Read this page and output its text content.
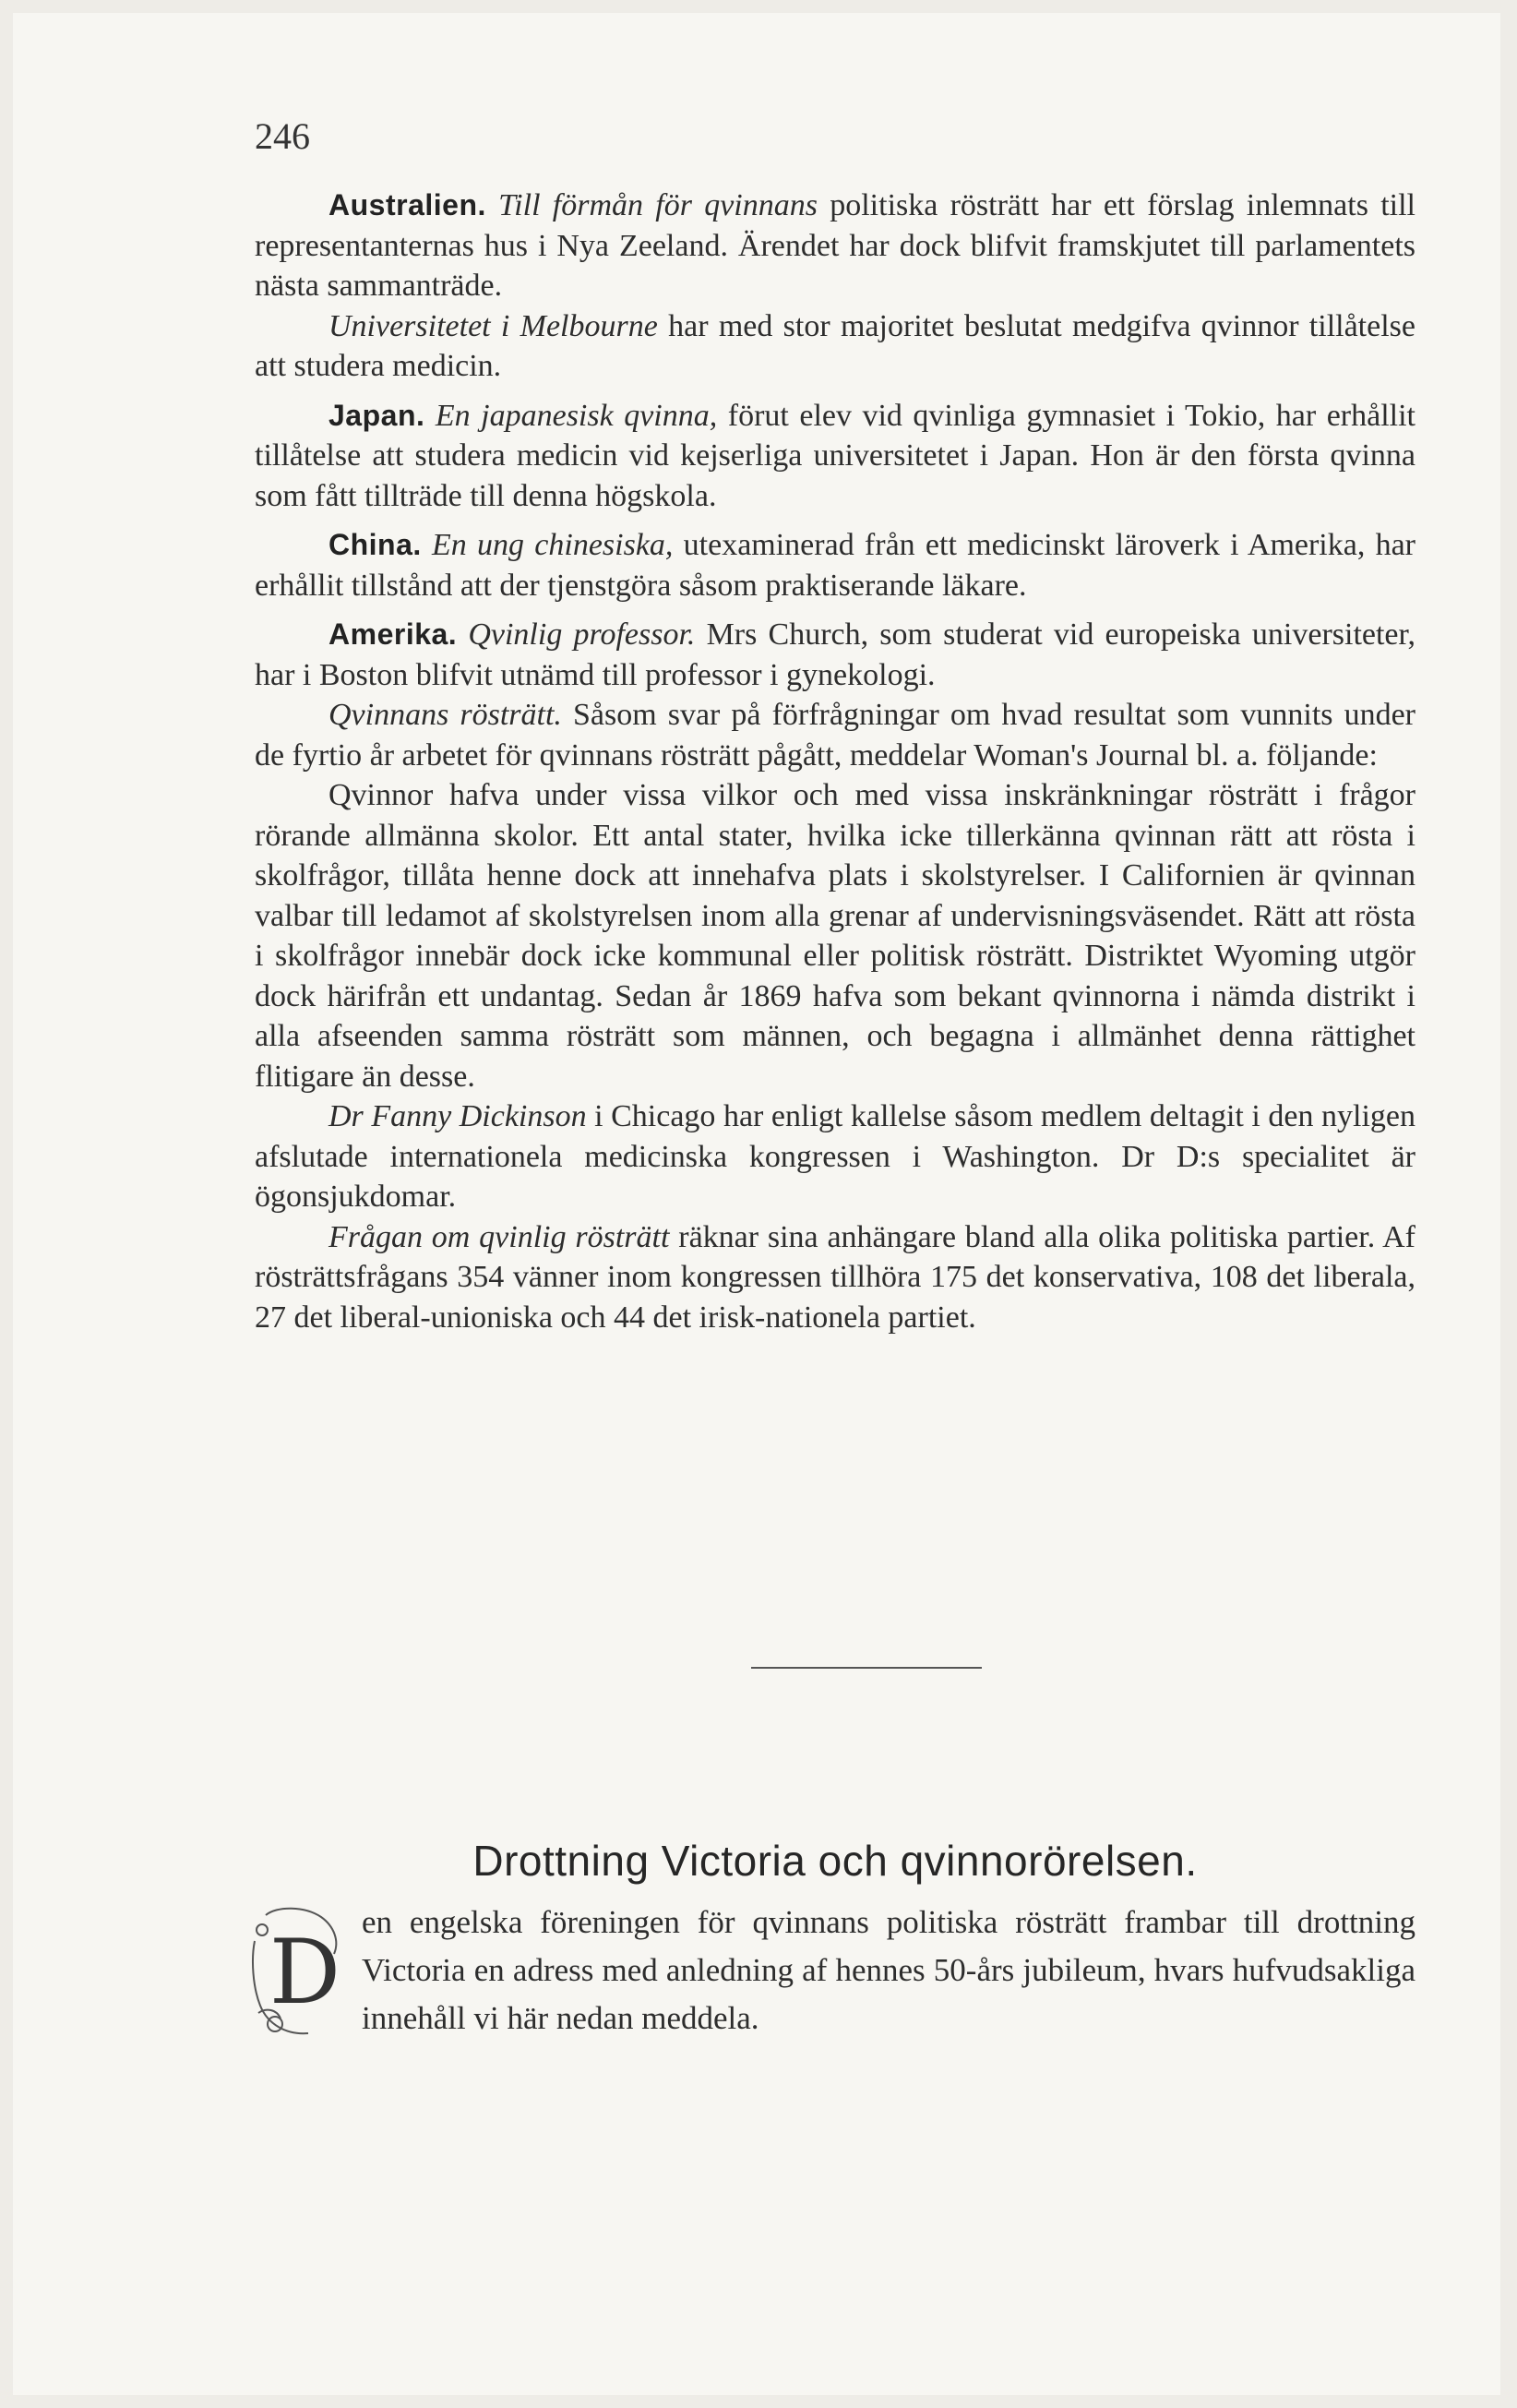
246

Australien. Till förmån för qvinnans politiska rösträtt har ett förslag inlemnats till representanternas hus i Nya Zeeland. Ärendet har dock blifvit framskjutet till parlamentets nästa sammanträde.

Universitetet i Melbourne har med stor majoritet beslutat medgifva qvinnor tillåtelse att studera medicin.

Japan. En japanesisk qvinna, förut elev vid qvinliga gymnasiet i Tokio, har erhållit tillåtelse att studera medicin vid kejserliga universitetet i Japan. Hon är den första qvinna som fått tillträde till denna högskola.

China. En ung chinesiska, utexaminerad från ett medicinskt läroverk i Amerika, har erhållit tillstånd att der tjenstgöra såsom praktiserande läkare.

Amerika. Qvinlig professor. Mrs Church, som studerat vid europeiska universiteter, har i Boston blifvit utnämd till professor i gynekologi.

Qvinnans rösträtt. Såsom svar på förfrågningar om hvad resultat som vunnits under de fyrtio år arbetet för qvinnans rösträtt pågått, meddelar Woman's Journal bl. a. följande:

Qvinnor hafva under vissa vilkor och med vissa inskränkningar rösträtt i frågor rörande allmänna skolor. Ett antal stater, hvilka icke tillerkänna qvinnan rätt att rösta i skolfrågor, tillåta henne dock att innehafva plats i skolstyrelser. I Californien är qvinnan valbar till ledamot af skolstyrelsen inom alla grenar af undervisningsväsendet. Rätt att rösta i skolfrågor innebär dock icke kommunal eller politisk rösträtt. Distriktet Wyoming utgör dock härifrån ett undantag. Sedan år 1869 hafva som bekant qvinnorna i nämda distrikt i alla afseenden samma rösträtt som männen, och begagna i allmänhet denna rättighet flitigare än desse.

Dr Fanny Dickinson i Chicago har enligt kallelse såsom medlem deltagit i den nyligen afslutade internationela medicinska kongressen i Washington. Dr D:s specialitet är ögonsjukdomar.

Frågan om qvinlig rösträtt räknar sina anhängare bland alla olika politiska partier. Af rösträttsfrågans 354 vänner inom kongressen tillhöra 175 det konservativa, 108 det liberala, 27 det liberal-unioniska och 44 det irisk-nationela partiet.

Drottning Victoria och qvinnorörelsen.

D en engelska föreningen för qvinnans politiska rösträtt frambar till drottning Victoria en adress med anledning af hennes 50-års jubileum, hvars hufvudsakliga innehåll vi här nedan meddela.
